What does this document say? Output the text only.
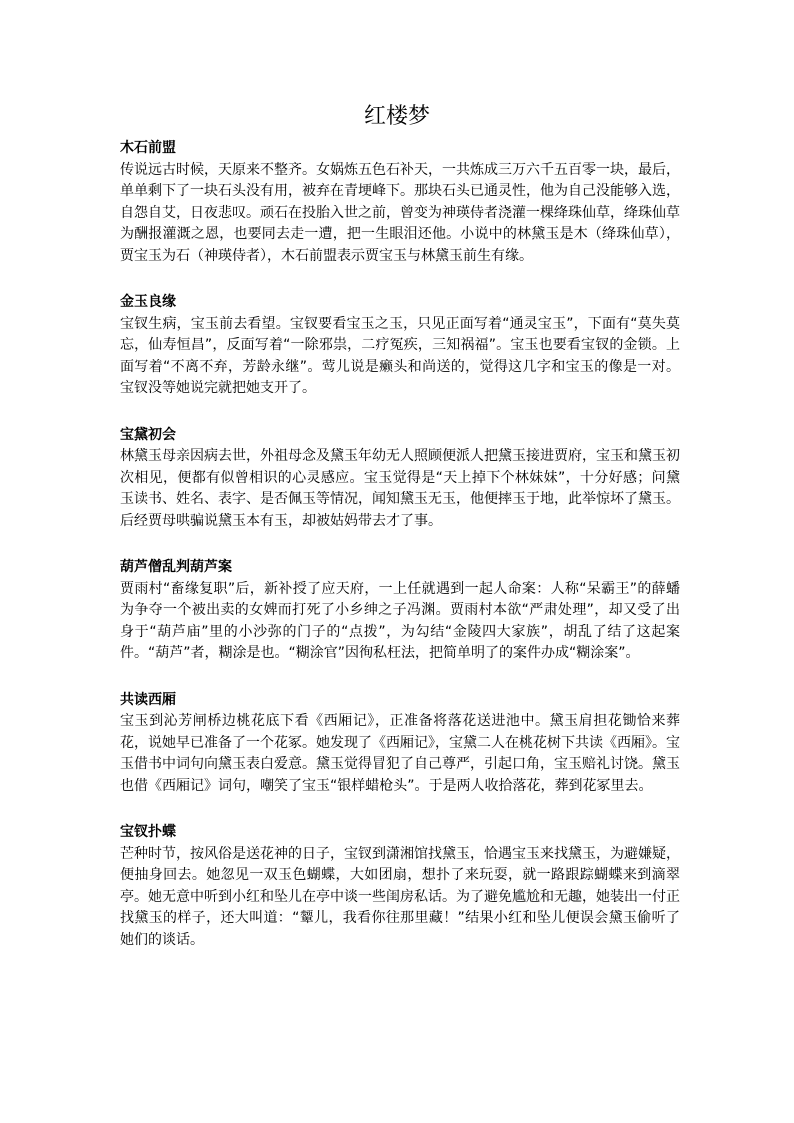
红楼梦

木石前盟

传说远古时候，天原来不整齐。女娲炼五色石补天，一共炼成三万六千五百零一块，最后，单单剩下了一块石头没有用，被弃在青埂峰下。那块石头已通灵性，他为自己没能够入选，自怨自艾，日夜悲叹。顽石在投胎入世之前，曾变为神瑛侍者浇灌一棵绛珠仙草，绛珠仙草为酬报灌溉之恩，也要同去走一遭，把一生眼泪还他。小说中的林黛玉是木（绛珠仙草），贾宝玉为石（神瑛侍者），木石前盟表示贾宝玉与林黛玉前生有缘。

金玉良缘

宝钗生病，宝玉前去看望。宝钗要看宝玉之玉，只见正面写着“通灵宝玉”，下面有“莫失莫忘，仙寿恒昌”，反面写着“一除邪祟，二疗冤疾，三知祸福”。宝玉也要看宝钗的金锁。上面写着“不离不弃，芳龄永继”。莺儿说是癞头和尚送的，觉得这几字和宝玉的像是一对。宝钗没等她说完就把她支开了。

宝黛初会

林黛玉母亲因病去世，外祖母念及黛玉年幼无人照顾便派人把黛玉接进贾府，宝玉和黛玉初次相见，便都有似曾相识的心灵感应。宝玉觉得是“天上掉下个林妹妹”，十分好感；问黛玉读书、姓名、表字、是否佩玉等情况，闻知黛玉无玉，他便摔玉于地，此举惊坏了黛玉。后经贾母哄骗说黛玉本有玉，却被姑妈带去才了事。

葫芦僧乱判葫芦案

贾雨村“畜缘复职”后，新补授了应天府，一上任就遇到一起人命案：人称“呆霸王”的薛蟠为争夺一个被出卖的女婢而打死了小乡绅之子冯渊。贾雨村本欲“严肃处理”，却又受了出身于“葫芦庙”里的小沙弥的门子的“点拨”，为勾结“金陵四大家族”，胡乱了结了这起案件。“葫芦”者，糊涂是也。“糊涂官”因徇私枉法，把简单明了的案件办成“糊涂案”。

共读西厢

宝玉到沁芳闸桥边桃花底下看《西厢记》，正准备将落花送进池中。黛玉肩担花锄恰来葬花，说她早已准备了一个花冢。她发现了《西厢记》，宝黛二人在桃花树下共读《西厢》。宝玉借书中词句向黛玉表白爱意。黛玉觉得冒犯了自己尊严，引起口角，宝玉赔礼讨饶。黛玉也借《西厢记》词句，嘲笑了宝玉“银样蜡枪头”。于是两人收拾落花，葬到花冢里去。

宝钗扑蝶

芒种时节，按风俗是送花神的日子，宝钗到潇湘馆找黛玉，恰遇宝玉来找黛玉，为避嫌疑，便抽身回去。她忽见一双玉色蝴蝶，大如团扇，想扑了来玩耍，就一路跟踪蝴蝶来到滴翠亭。她无意中听到小红和坠儿在亭中谈一些闺房私话。为了避免尴尬和无趣，她装出一付正找黛玉的样子，还大叫道：“颦儿，我看你往那里藏！”结果小红和坠儿便误会黛玉偷听了她们的谈话。
